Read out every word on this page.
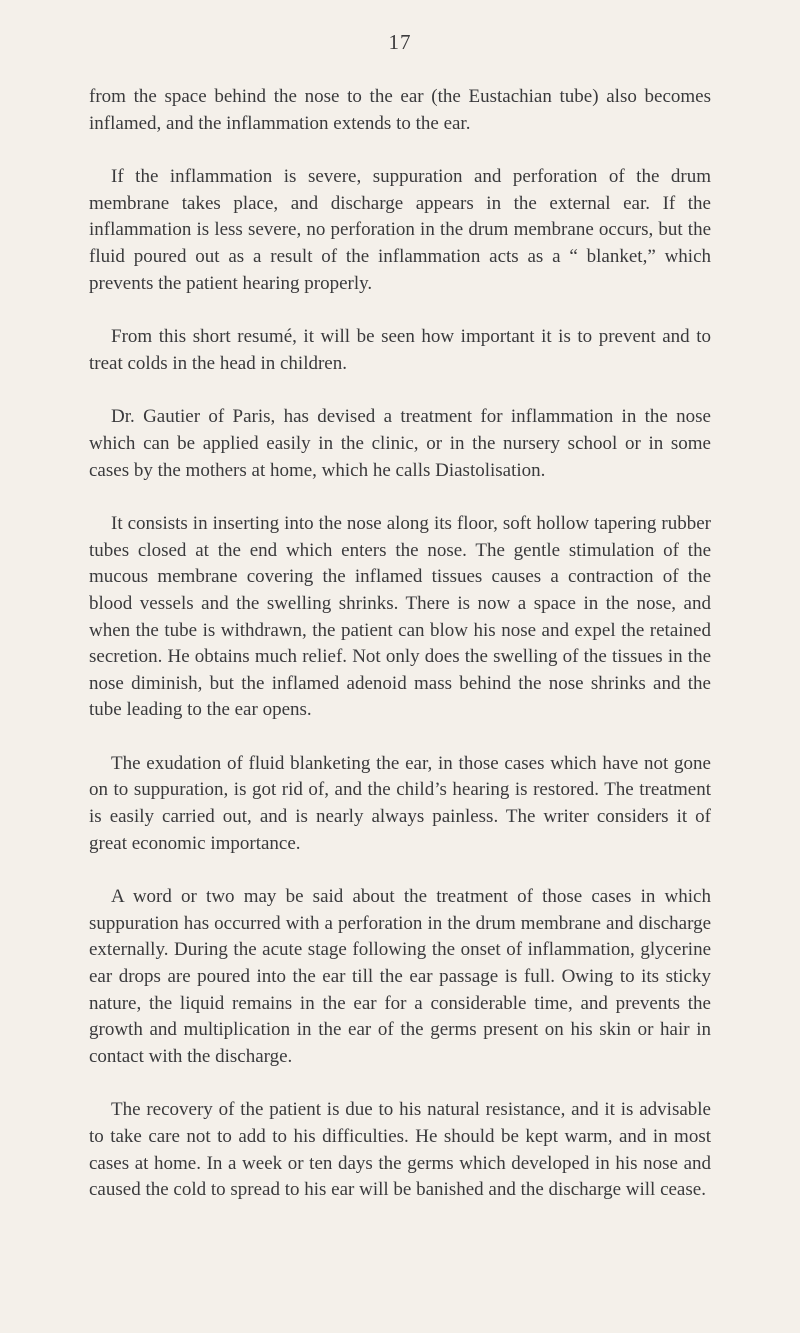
17

from the space behind the nose to the ear (the Eustachian tube) also becomes inflamed, and the inflammation extends to the ear.

If the inflammation is severe, suppuration and perforation of the drum membrane takes place, and discharge appears in the external ear. If the inflammation is less severe, no perforation in the drum membrane occurs, but the fluid poured out as a result of the inflammation acts as a “ blanket,” which prevents the patient hearing properly.

From this short resumé, it will be seen how important it is to prevent and to treat colds in the head in children.

Dr. Gautier of Paris, has devised a treatment for inflammation in the nose which can be applied easily in the clinic, or in the nursery school or in some cases by the mothers at home, which he calls Diastolisation.

It consists in inserting into the nose along its floor, soft hollow tapering rubber tubes closed at the end which enters the nose. The gentle stimulation of the mucous membrane covering the inflamed tissues causes a contraction of the blood vessels and the swelling shrinks. There is now a space in the nose, and when the tube is withdrawn, the patient can blow his nose and expel the retained secretion. He obtains much relief. Not only does the swelling of the tissues in the nose diminish, but the inflamed adenoid mass behind the nose shrinks and the tube leading to the ear opens.

The exudation of fluid blanketing the ear, in those cases which have not gone on to suppuration, is got rid of, and the child’s hearing is restored. The treatment is easily carried out, and is nearly always painless. The writer considers it of great economic importance.

A word or two may be said about the treatment of those cases in which suppuration has occurred with a perforation in the drum membrane and discharge externally. During the acute stage following the onset of inflammation, glycerine ear drops are poured into the ear till the ear passage is full. Owing to its sticky nature, the liquid remains in the ear for a considerable time, and prevents the growth and multiplication in the ear of the germs present on his skin or hair in contact with the discharge.

The recovery of the patient is due to his natural resistance, and it is advisable to take care not to add to his difficulties. He should be kept warm, and in most cases at home. In a week or ten days the germs which developed in his nose and caused the cold to spread to his ear will be banished and the discharge will cease.
